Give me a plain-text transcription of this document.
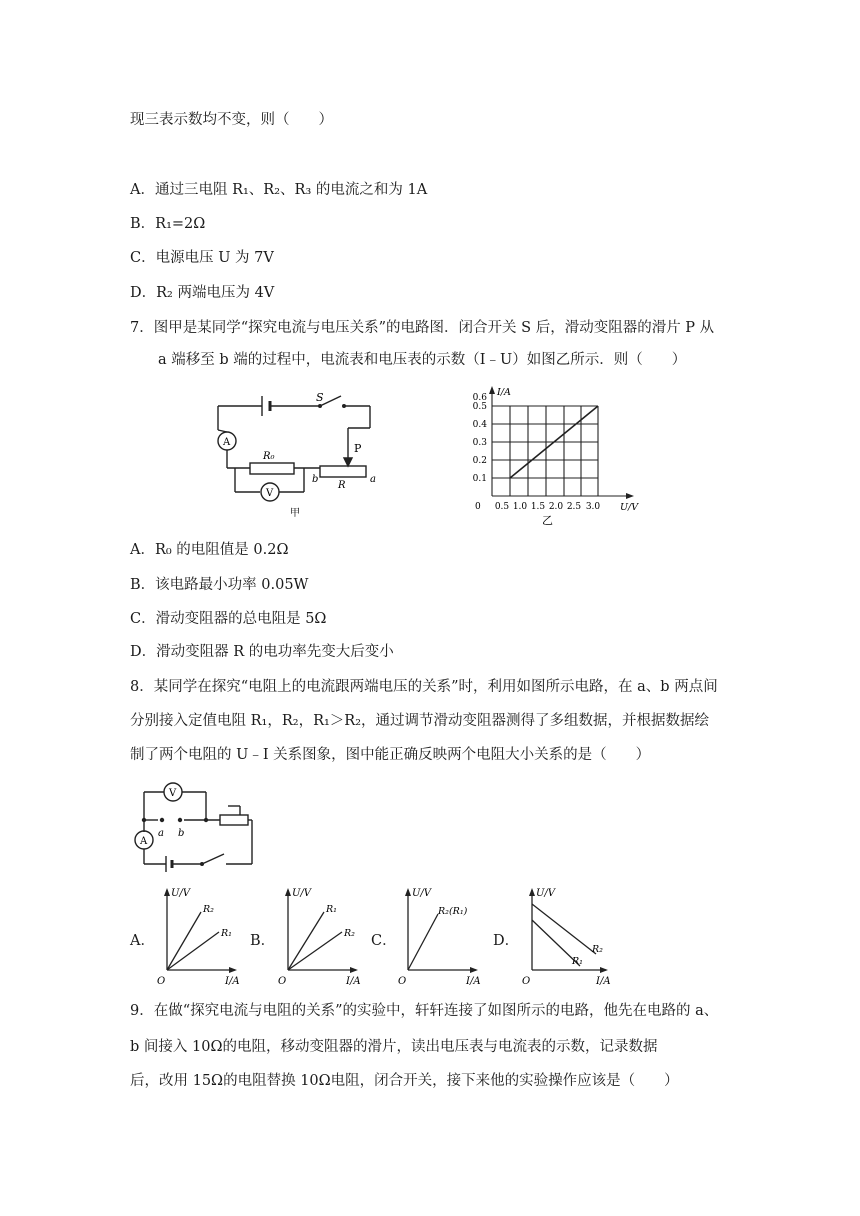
现三表示数均不变，则（　　）
A．通过三电阻 R₁、R₂、R₃ 的电流之和为 1A
B．R₁=2Ω
C．电源电压 U 为 7V
D．R₂ 两端电压为 4V
7．图甲是某同学“探究电流与电压关系”的电路图．闭合开关 S 后，滑动变阻器的滑片 P 从
a 端移至 b 端的过程中，电流表和电压表的示数（I﹣U）如图乙所示．则（　　）
A
V
S
P
R₀
R
b	a
甲
I/A
U/V
0
0.1
0.2
0.3
0.4
0.5
0.6
0.5 1.0 1.5 2.0 2.5 3.0
乙
A．R₀ 的电阻值是 0.2Ω
B．该电路最小功率 0.05W
C．滑动变阻器的总电阻是 5Ω
D．滑动变阻器 R 的电功率先变大后变小
8．某同学在探究“电阻上的电流跟两端电压的关系”时，利用如图所示电路，在 a、b 两点间
分别接入定值电阻 R₁，R₂，R₁＞R₂，通过调节滑动变阻器测得了多组数据，并根据数据绘
制了两个电阻的 U﹣I 关系图象，图中能正确反映两个电阻大小关系的是（　　）
V
A
a b
A．	B．	C．	D．
U/V
I/A
O
R₂
R₁
U/V
I/A
O
R₁
R₂
U/V
I/A
O
R₂(R₁)
U/V
I/A
O
R₂
R₁
9．在做“探究电流与电阻的关系”的实验中，轩轩连接了如图所示的电路，他先在电路的 a、
b 间接入 10Ω的电阻，移动变阻器的滑片，读出电压表与电流表的示数，记录数据
后，改用 15Ω的电阻替换 10Ω电阻，闭合开关，接下来他的实验操作应该是（　　）
